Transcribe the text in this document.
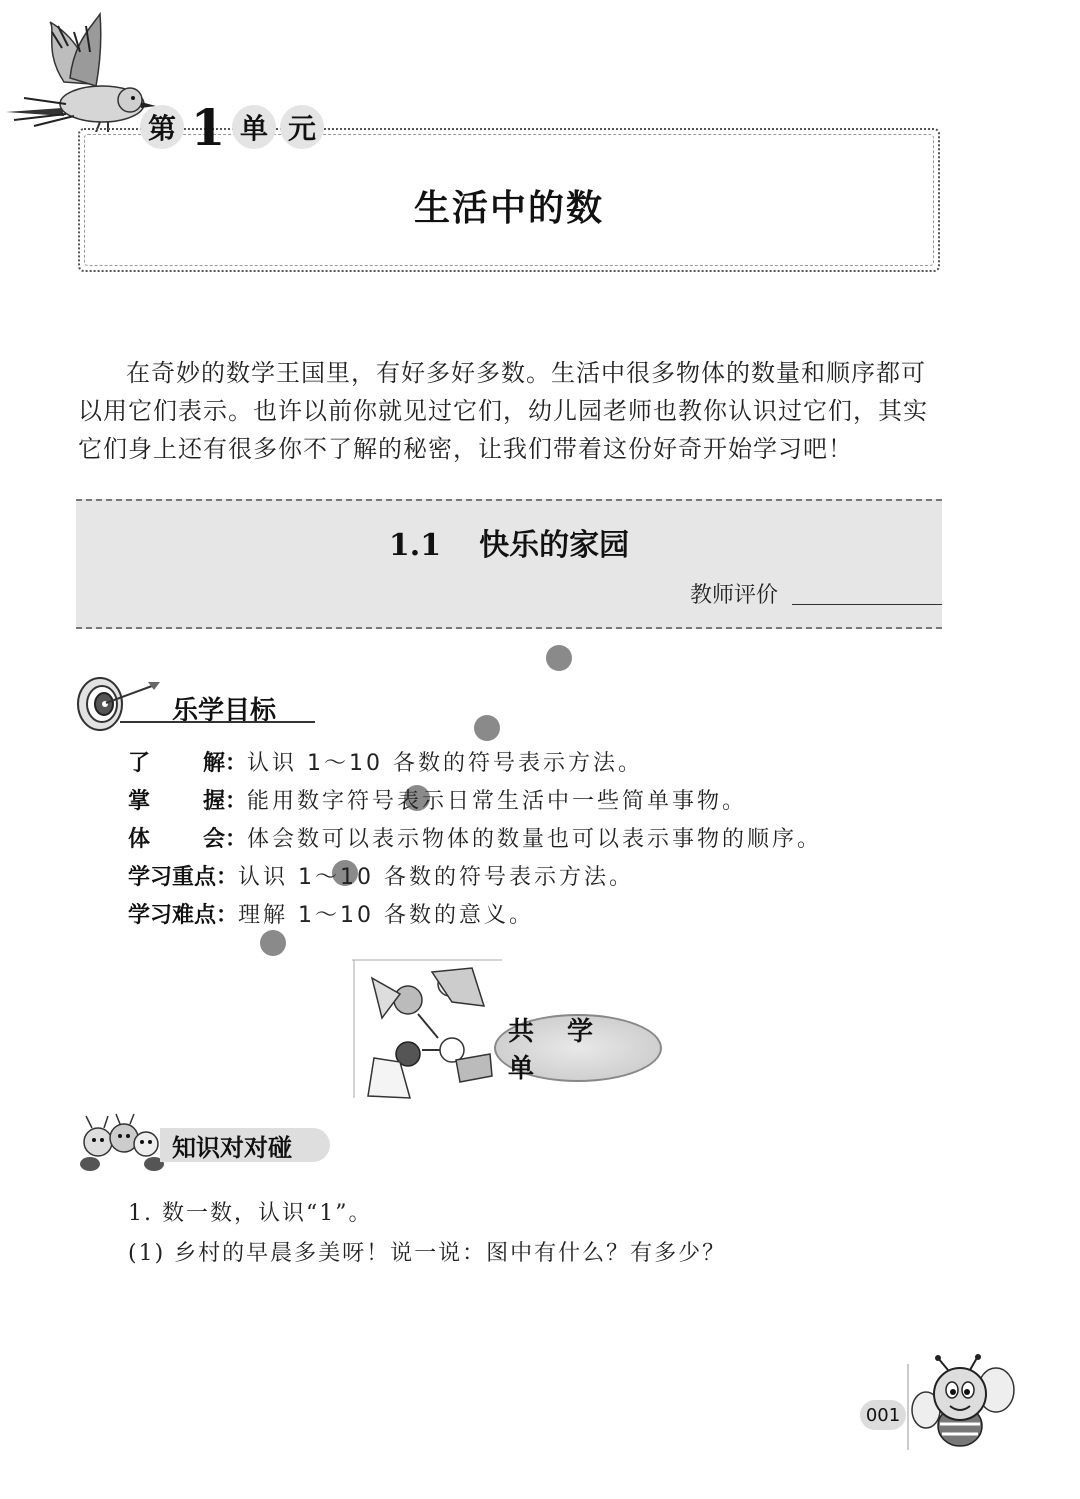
第 1 单 元
生活中的数

在奇妙的数学王国里，有好多好多数。生活中很多物体的数量和顺序都可以用它们表示。也许以前你就见过它们，幼儿园老师也教你认识过它们，其实它们身上还有很多你不了解的秘密，让我们带着这份好奇开始学习吧！

1.1 快乐的家园
教师评价
乐学目标
了 解 ： 认识 1～10 各数的符号表示方法。
掌 握 ： 能用数字符号表示日常生活中一些简单事物。
体 会 ： 体会数可以表示物体的数量也可以表示事物的顺序。
学习重点 ： 认识 1～10 各数的符号表示方法。
学习难点 ： 理解 1～10 各数的意义。
共 学 单
知识对对碰
1. 数一数，认识“1”。
(1) 乡村的早晨多美呀！说一说：图中有什么？有多少？
001
